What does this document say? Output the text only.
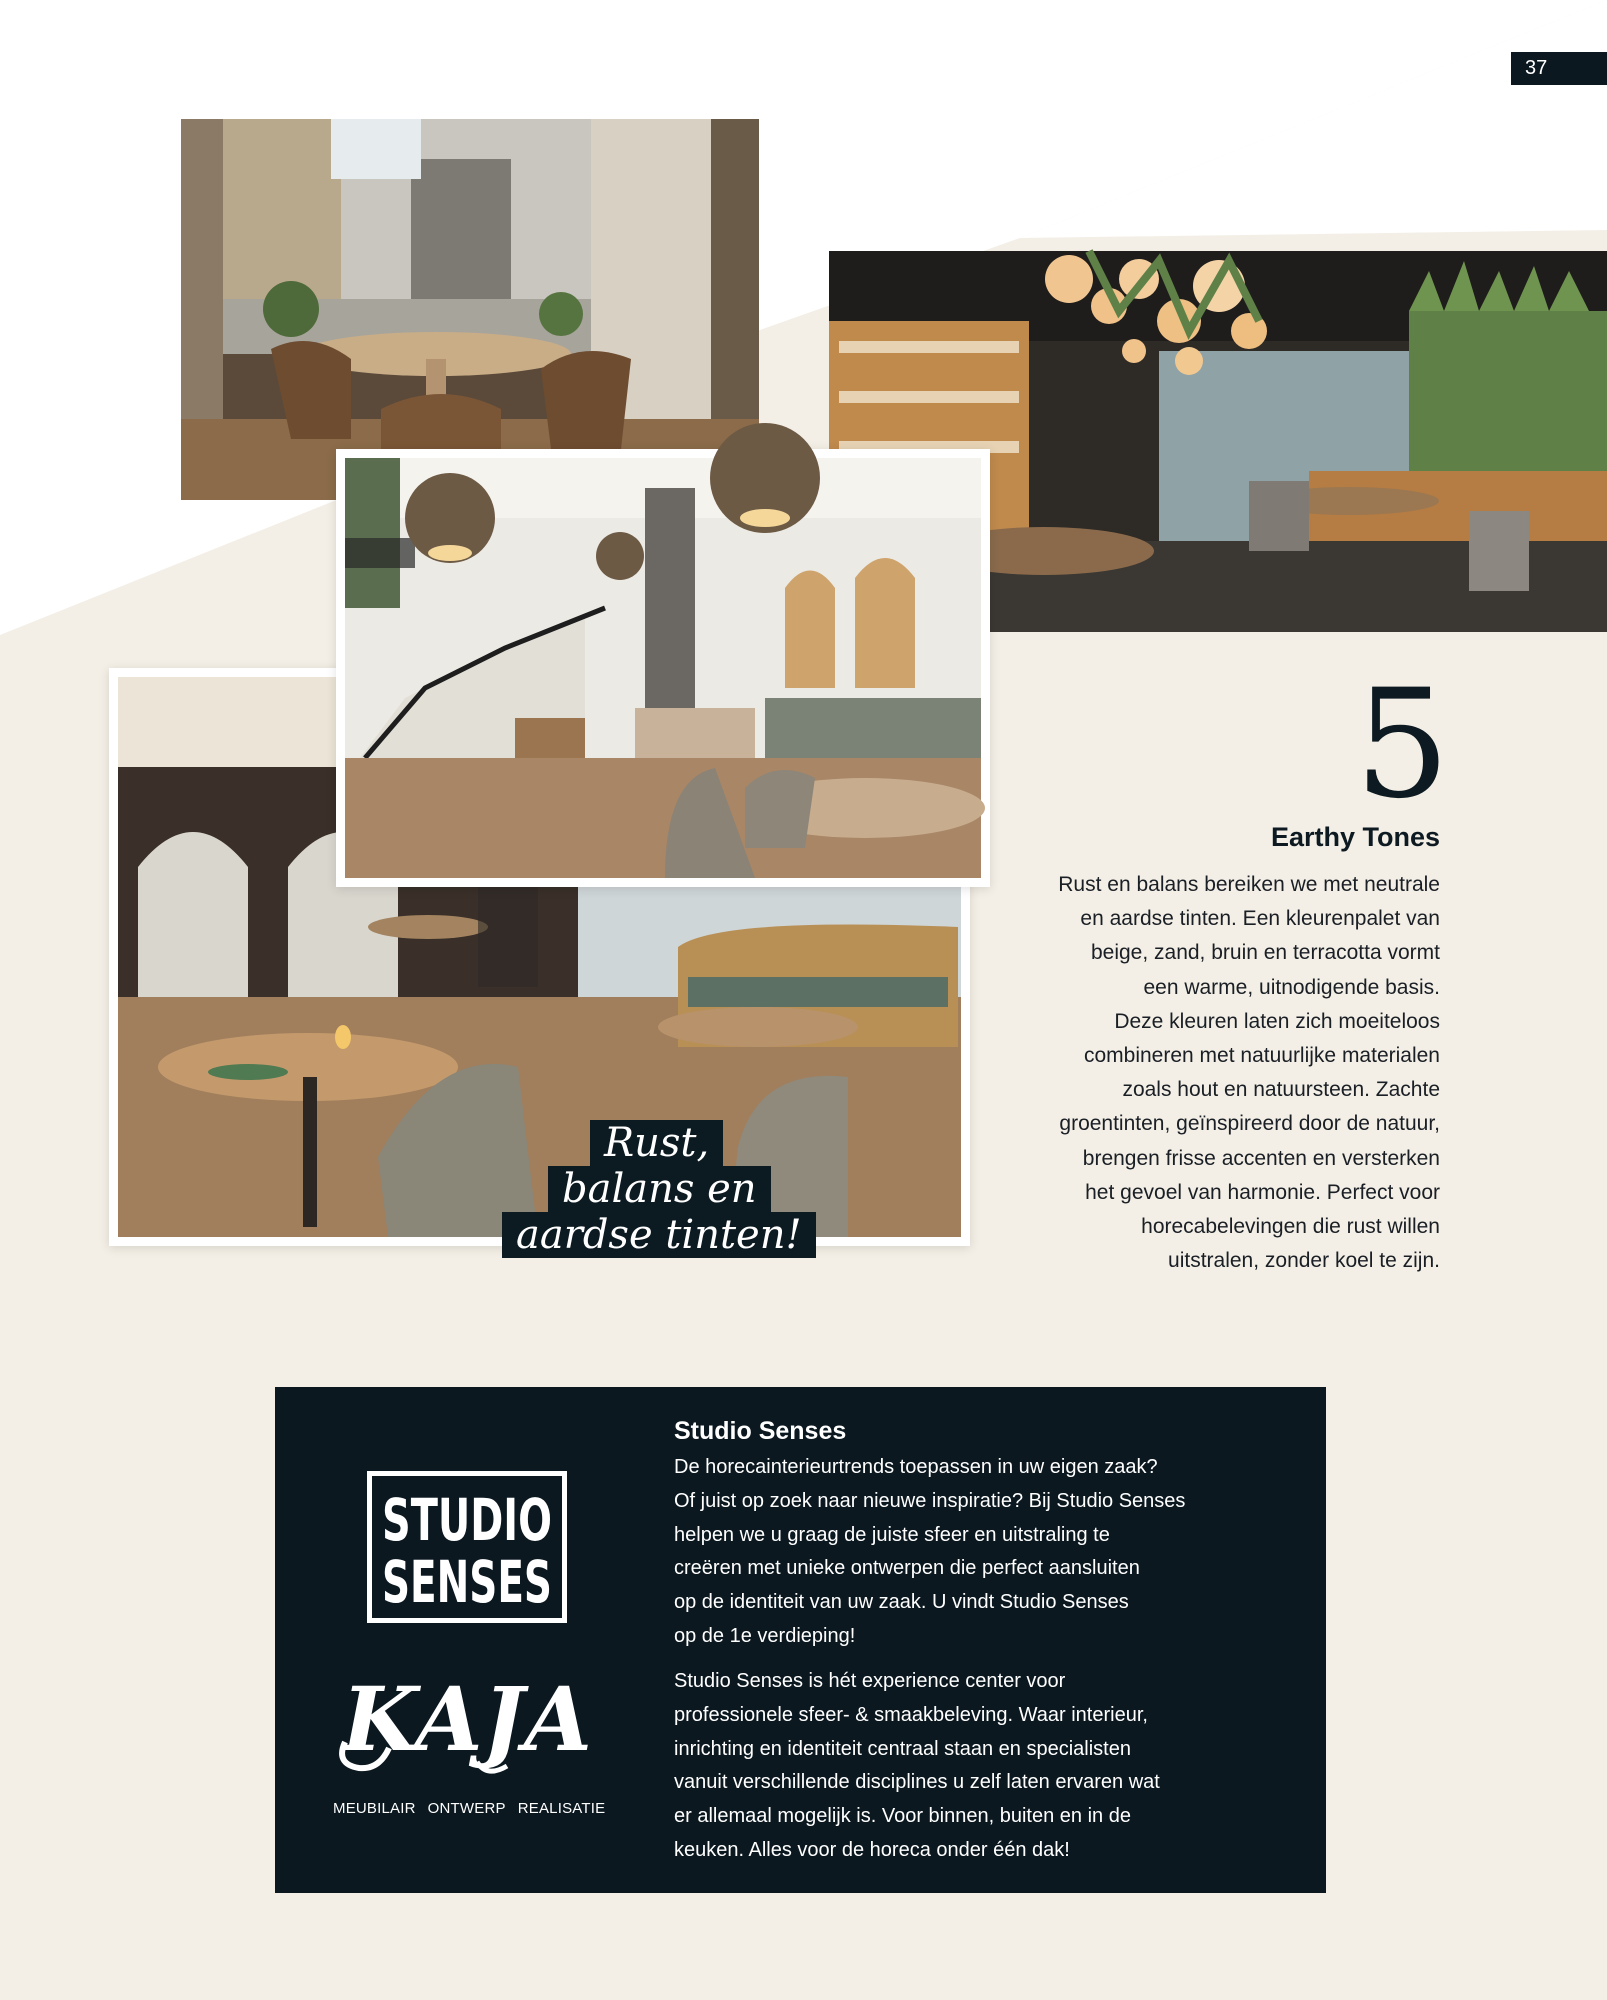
37
Rust,
balans en
aardse tinten!
5
Earthy Tones
Rust en balans bereiken we met neutrale
en aardse tinten. Een kleurenpalet van
beige, zand, bruin en terracotta vormt
een warme, uitnodigende basis.
Deze kleuren laten zich moeiteloos
combineren met natuurlijke materialen
zoals hout en natuursteen. Zachte
groentinten, geïnspireerd door de natuur,
brengen frisse accenten en versterken
het gevoel van harmonie. Perfect voor
horecabelevingen die rust willen
uitstralen, zonder koel te zijn.
STUDIO
SENSES
KAJA
MEUBILAIR ONTWERP REALISATIE
Studio Senses
De horecainterieurtrends toepassen in uw eigen zaak?
Of juist op zoek naar nieuwe inspiratie? Bij Studio Senses
helpen we u graag de juiste sfeer en uitstraling te
creëren met unieke ontwerpen die perfect aansluiten
op de identiteit van uw zaak. U vindt Studio Senses
op de 1e verdieping!
Studio Senses is hét experience center voor
professionele sfeer- & smaakbeleving. Waar interieur,
inrichting en identiteit centraal staan en specialisten
vanuit verschillende disciplines u zelf laten ervaren wat
er allemaal mogelijk is. Voor binnen, buiten en in de
keuken. Alles voor de horeca onder één dak!
